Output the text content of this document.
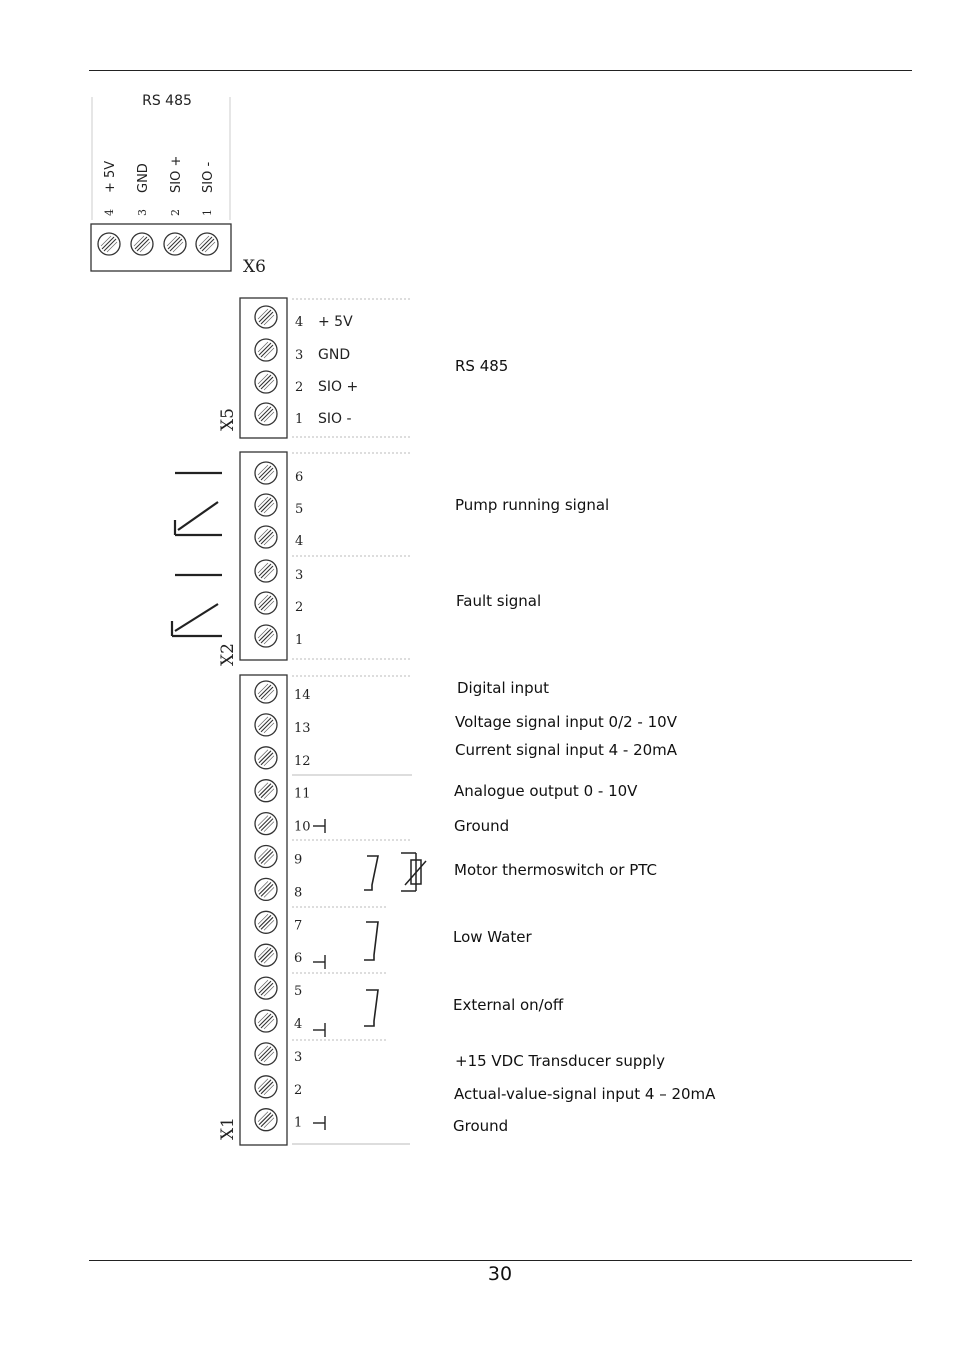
RS 485
+ 5V
4
GND
3
SIO +
2
SIO -
1
X6
4 + 5V
3 GND
2 SIO +
1 SIO -
X5
6
5
4
3
2
1
X2
14
13
12
11
10
9
8
7
6
5
4
3
2
1
X1
RS 485
Pump running signal
Fault signal
Digital input
Voltage signal input 0/2 - 10V
Current signal input 4 - 20mA
Analogue output 0 - 10V
Ground
Motor thermoswitch or PTC
Low Water
External on/off
+15 VDC Transducer supply
Actual-value-signal input 4 – 20mA
Ground
30
